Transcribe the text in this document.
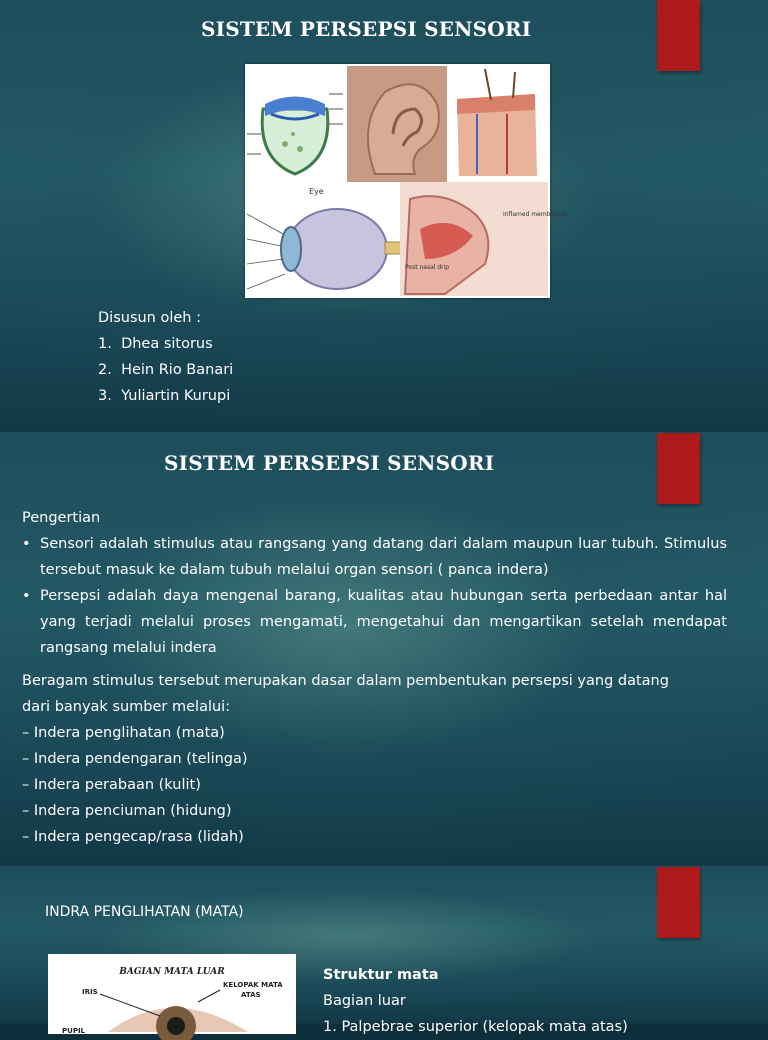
SISTEM PERSEPSI SENSORI
Eye
Inflamed membranes
Post nasal drip
Disusun oleh :
1. Dhea sitorus
2. Hein Rio Banari
3. Yuliartin Kurupi
SISTEM PERSEPSI SENSORI
Pengertian
• Sensori adalah stimulus atau rangsang yang datang dari dalam maupun luar tubuh. Stimulus tersebut masuk ke dalam tubuh melalui organ sensori ( panca indera)

• Persepsi adalah daya mengenal barang, kualitas atau hubungan serta perbedaan antar hal yang terjadi melalui proses mengamati, mengetahui dan mengartikan setelah mendapat rangsang melalui indera

Beragam stimulus tersebut merupakan dasar dalam pembentukan persepsi yang datang
dari banyak sumber melalui:
– Indera penglihatan (mata)
– Indera pendengaran (telinga)
– Indera perabaan (kulit)
– Indera penciuman (hidung)
– Indera pengecap/rasa (lidah)
INDRA PENGLIHATAN (MATA)
BAGIAN MATA LUAR
IRIS
KELOPAK MATA
ATAS
PUPIL
Struktur mata
Bagian luar
1. Palpebrae superior (kelopak mata atas)
